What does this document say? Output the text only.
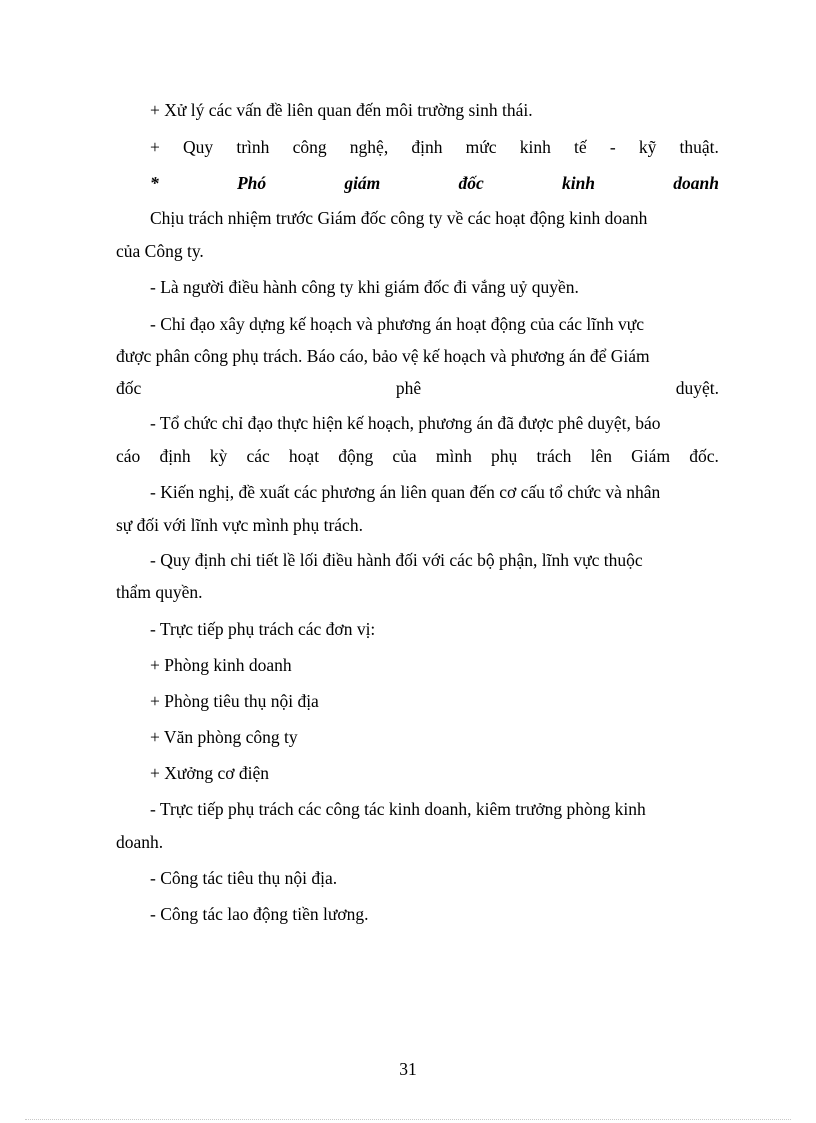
+ Xử lý các vấn đề liên quan đến môi trường sinh thái.
+ Quy trình công nghệ, định mức kinh tế - kỹ thuật.
*	Phó	giám	đốc	kinh	doanh
Chịu trách nhiệm trước Giám đốc công ty về các hoạt động kinh doanh
của Công ty.
- Là người điều hành công ty khi giám đốc đi vắng uỷ quyền.
- Chỉ đạo xây dựng kế hoạch và phương án hoạt động của các lĩnh vực
được phân công phụ trách. Báo cáo, bảo vệ kế hoạch và phương án để Giám
đốc	phê	duyệt.
- Tổ chức chỉ đạo thực hiện kế hoạch, phương án đã được phê duyệt, báo
cáo định kỳ các hoạt động của mình phụ trách lên Giám đốc.
- Kiến nghị, đề xuất các phương án liên quan đến cơ cấu tổ chức và nhân
sự đối với lĩnh vực mình phụ trách.
- Quy định chi tiết lề lối điều hành đối với các bộ phận, lĩnh vực thuộc
thẩm quyền.
- Trực tiếp phụ trách các đơn vị:
+ Phòng kinh doanh
+ Phòng tiêu thụ nội địa
+ Văn phòng công ty
+ Xưởng cơ điện
- Trực tiếp phụ trách các công tác kinh doanh, kiêm trưởng phòng kinh
doanh.
- Công tác tiêu thụ nội địa.
- Công tác lao động tiền lương.
31
